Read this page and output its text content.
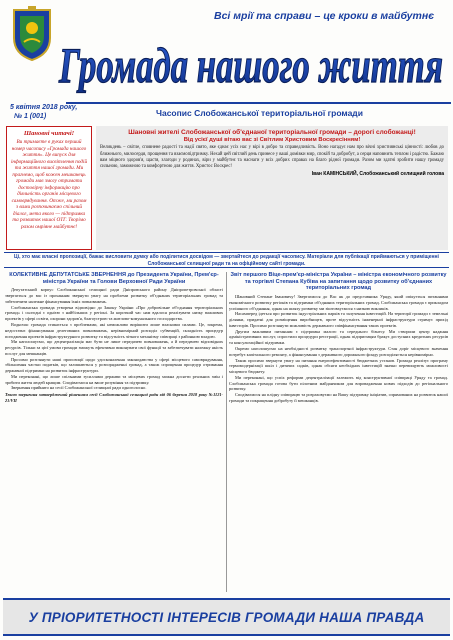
Всі мрії та справи – це кроки в майбутнє
Громада нашого життя
5 квітня 2018 року,
№ 1 (001)	Часопис Слобожанської територіальної громади
Шановні читачі!
Ви тримаєте в руках перший номер часопису «Громада нашого життя». Це випуск для інформаційного висвітлення подій та життя нашої громади. Ми прагнемо, щоб кожен мешканець громади мав змогу отримати достовірну інформацію про діяльність органів місцевого самоврядування. Отже, ми разом з вами розпочинаємо спільний діалог, мета якого — підтримка та розвиток нашої ОТГ. Творімо разом омріяне майбутнє!
Шановні жителі Слобожанської об'єднаної територіальної громади – дорогі слобожанці!
Від усієї душі вітаю вас зі Світлим Христовим Воскресінням!
Великдень – світле, сповнене радості та надії свято, яке єднає усіх нас у вірі в добро та справедливість. Воно нагадує нам про вічні християнські цінності: любов до ближнього, милосердя, прощення та взаємопідтримку. Нехай цей світлий день принесе у ваші домівки мир, спокій та добробут, а серця наповнить теплом і радістю. Бажаю вам міцного здоров'я, щастя, злагоди у родинах, віри у майбутнє та наснаги у всіх добрих справах на благо рідної громади. Разом ми здатні зробити нашу громаду сильною, заможною та комфортною для життя. Христос Воскрес!
Іван КАМІНСЬКИЙ, Слобожанський селищний голова
Ці, хто має власні пропозиції, бажає висловити думку або поділитися досвідом — звертайтеся до редакції часопису. Матеріали для публікації приймаються у приміщенні Слобожанської селищної ради та на офіційному сайті громади.
КОЛЕКТИВНЕ ДЕПУТАТСЬКЕ ЗВЕРНЕННЯ до Президента України, Прем'єр-міністра України та Голови Верховної Ради України

Депутатський корпус Слобожанської селищної ради Дніпровського району Дніпропетровської області звертається до вас із проханням звернути увагу на проблеми розвитку об'єднаних територіальних громад та забезпечити належне фінансування їхніх повноважень.

Слобожанська громада утворена відповідно до Закону України «Про добровільне об'єднання територіальних громад» і сьогодні є однією з найбільших у регіоні. За короткий час нам вдалося реалізувати низку важливих проектів у сфері освіти, охорони здоров'я, благоустрою та житлово-комунального господарства.

Водночас громада стикається з проблемами, які неможливо вирішити лише власними силами. Це, зокрема, недостатнє фінансування делегованих повноважень, нерівномірний розподіл субвенцій, складність процедур погодження проектів інфраструктурного розвитку та відсутність чіткого механізму співпраці з районною владою.

Ми наголошуємо, що децентралізація має бути не лише передачею повноважень, а й передачею відповідних ресурсів. Тільки за цієї умови громади зможуть ефективно виконувати свої функції та забезпечувати належну якість послуг для мешканців.

Просимо розглянути наші пропозиції щодо удосконалення законодавства у сфері місцевого самоврядування, збільшення частки податків, що залишаються у розпорядженні громад, а також спрощення процедур отримання державної підтримки на розвиток інфраструктури.

Ми переконані, що лише спільними зусиллями держави та місцевих громад можна досягти реальних змін і зробити життя людей кращим. Сподіваємося на ваше розуміння та підтримку.

Звернення прийнято на сесії Слобожанської селищної ради одноголосно.

Текст звернення затверджений рішенням сесії Слобожанської селищної ради від 06 березня 2018 року №1121-21/VII
Звіт першого Віце-прем'єр-міністра України – міністра економічного розвитку та торгівлі Степана Кубіва на запитання щодо розвитку об'єднаних територіальних громад

Шановний Степане Івановичу! Звертаємося до Вас як до представника Уряду, який опікується питаннями економічного розвитку регіонів та підтримки об'єднаних територіальних громад. Слобожанська громада є прикладом успішного об'єднання, однак на шляху розвитку ми зіштовхуємося з низкою викликів.

Насамперед ідеться про розвиток індустріальних парків та залучення інвестицій. На території громади є земельні ділянки, придатні для розміщення виробництв, проте відсутність інженерної інфраструктури стримує прихід інвесторів. Просимо розглянути можливість державного співфінансування таких проектів.

Другим важливим питанням є підтримка малого та середнього бізнесу. Ми створили центр надання адміністративних послуг, спростили процедури реєстрації, однак підприємцям бракує доступних кредитних ресурсів та консультаційної підтримки.

Окремо наголошуємо на необхідності розвитку транспортної інфраструктури. Стан доріг місцевого значення потребує капітального ремонту, а фінансування з державного дорожнього фонду розподіляється нерівномірно.

Також просимо звернути увагу на питання енергоефективності бюджетних установ. Громада реалізує програму термомодернізації шкіл і дитячих садків, однак обсяги необхідних інвестицій значно перевищують можливості місцевого бюджету.

Ми переконані, що успіх реформи децентралізації залежить від конструктивної співпраці Уряду та громад. Слобожанська громада готова бути пілотним майданчиком для впровадження нових підходів до регіонального розвитку.

Сподіваємося на плідну співпрацю та розраховуємо на Вашу підтримку ініціатив, спрямованих на розвиток нашої громади та покращення добробуту її мешканців.

У ПРІОРИТЕТНОСТІ ІНТЕРЕСІВ ГРОМАДИ НАША ПРАВДА
